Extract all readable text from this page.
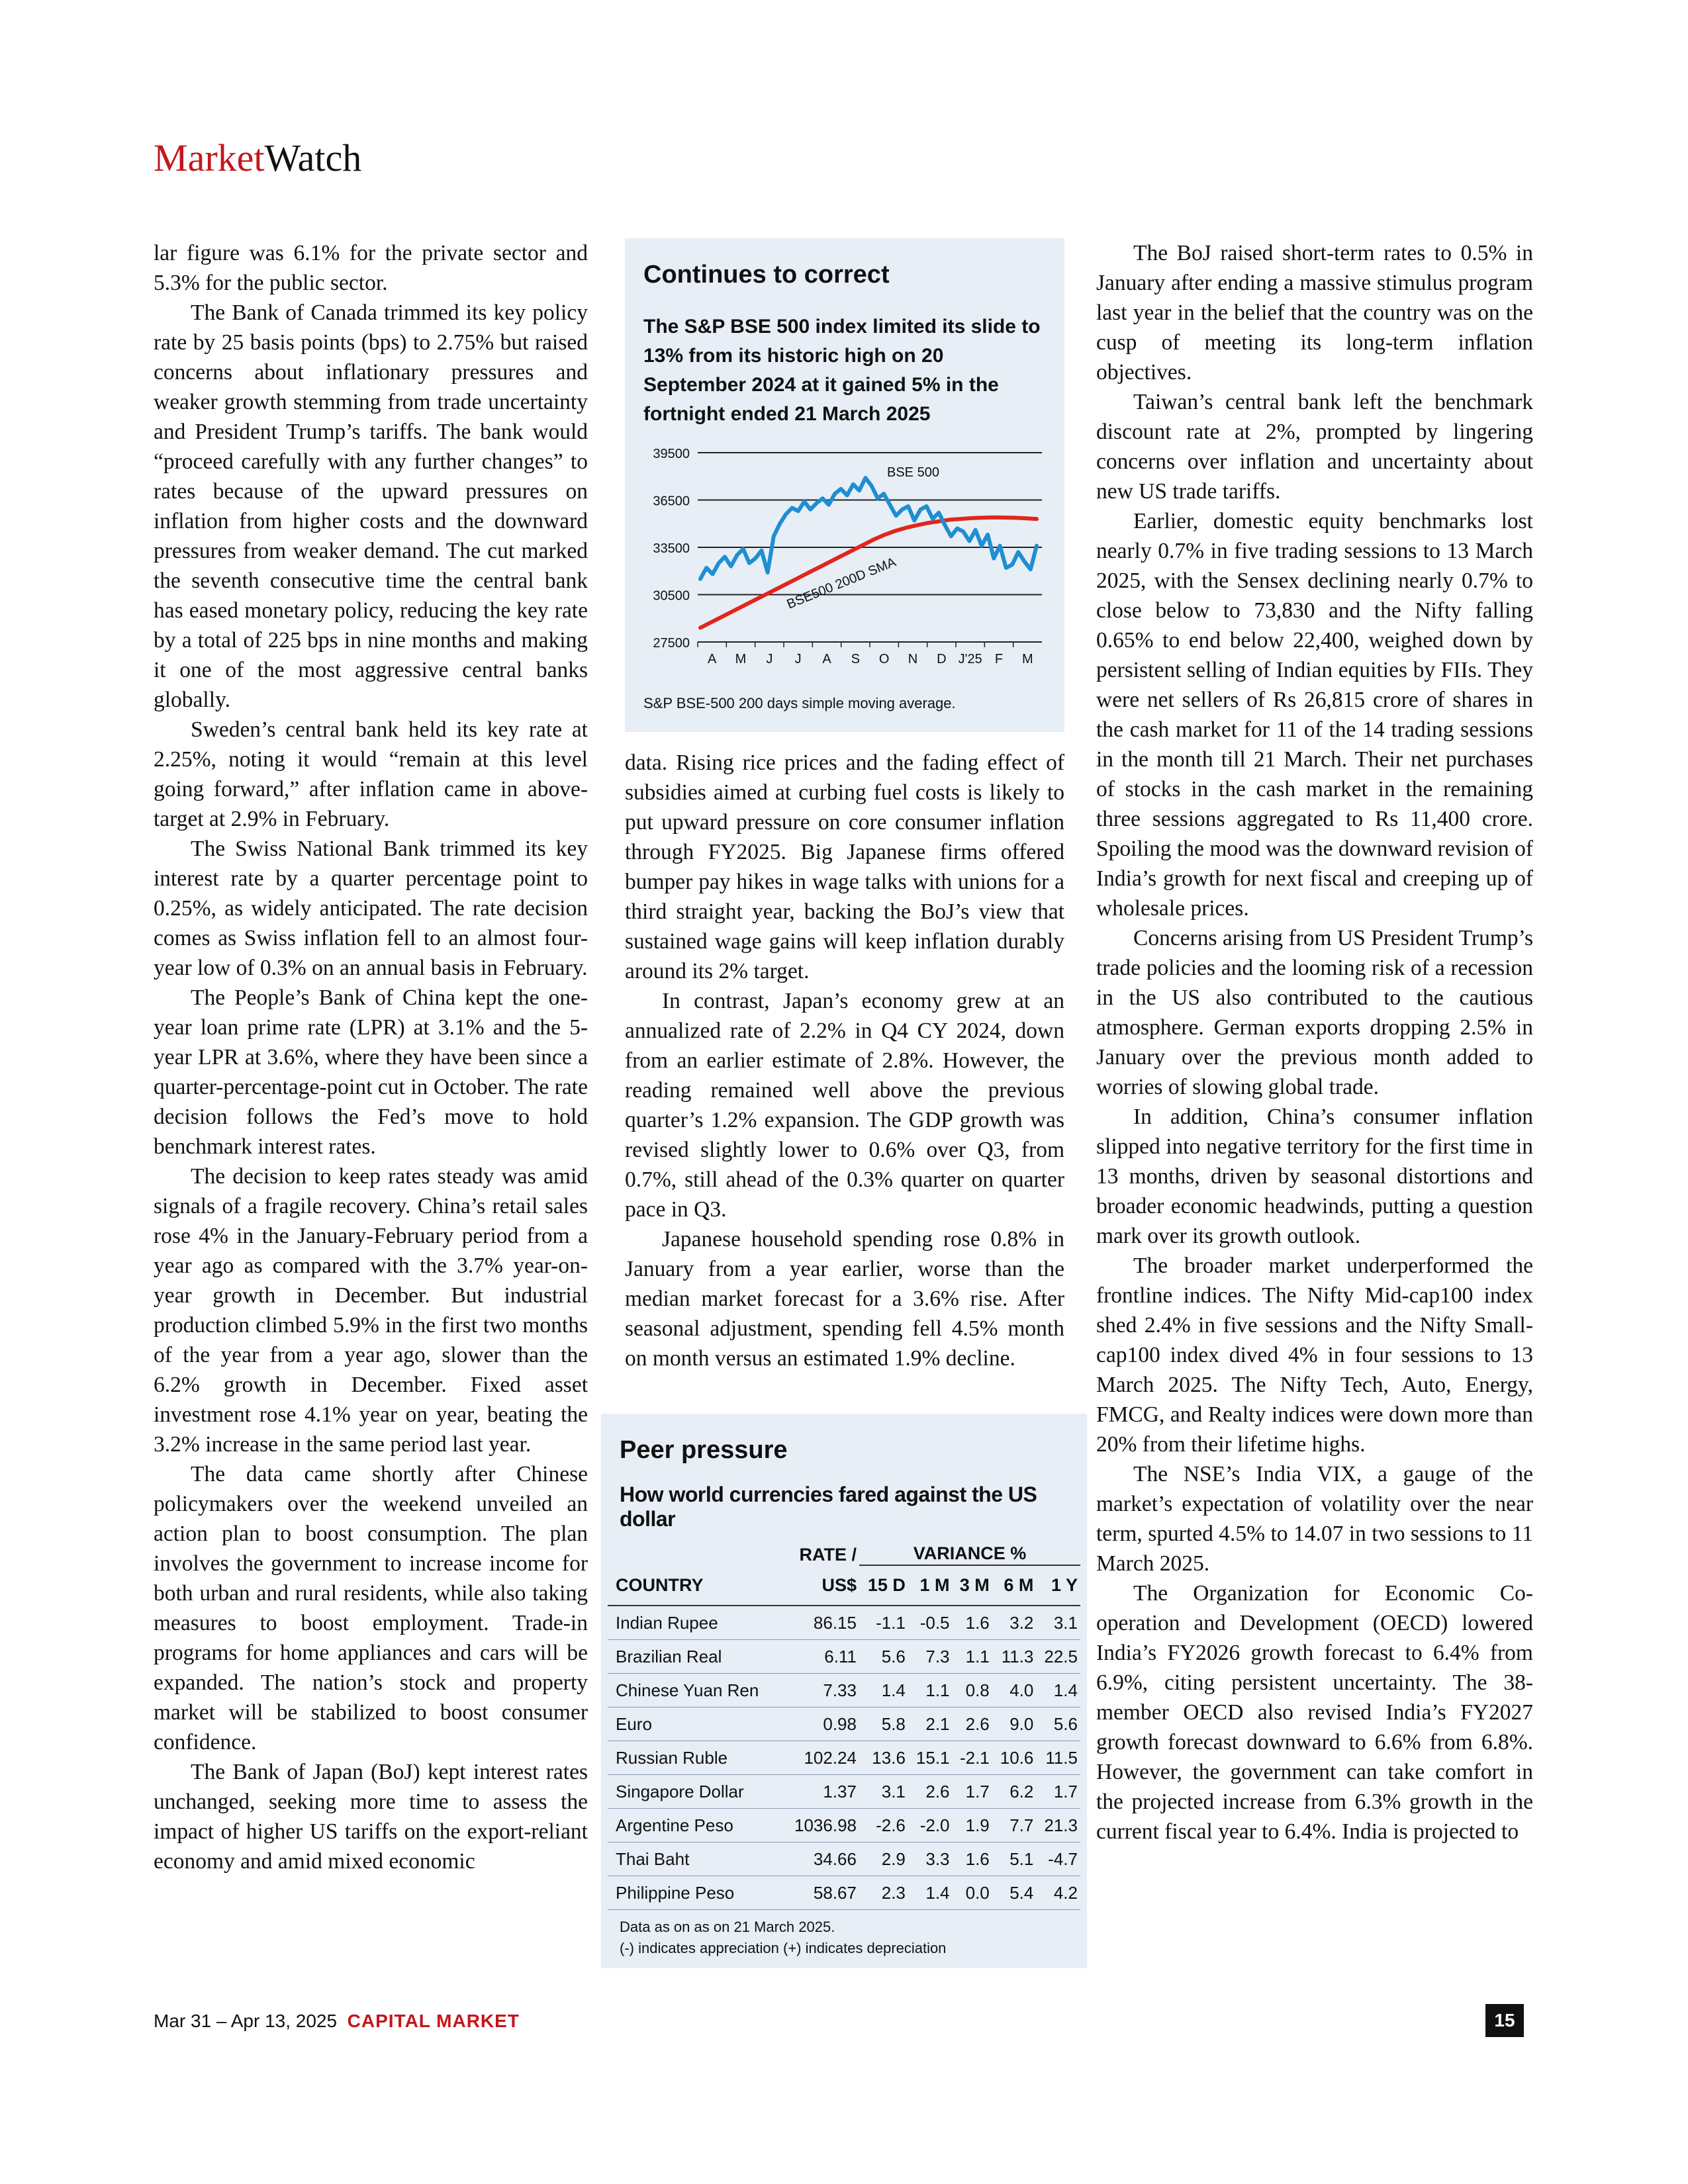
MarketWatch

lar figure was 6.1% for the private sector and 5.3% for the public sector.

The Bank of Canada trimmed its key policy rate by 25 basis points (bps) to 2.75% but raised concerns about inflationary pressures and weaker growth stemming from trade uncertainty and President Trump’s tariffs. The bank would “proceed carefully with any further changes” to rates because of the upward pressures on inflation from higher costs and the downward pressures from weaker demand. The cut marked the seventh consecutive time the central bank has eased monetary policy, reducing the key rate by a total of 225 bps in nine months and making it one of the most aggressive central banks globally.

Sweden’s central bank held its key rate at 2.25%, noting it would “remain at this level going forward,” after inflation came in above-target at 2.9% in February.

The Swiss National Bank trimmed its key interest rate by a quarter percentage point to 0.25%, as widely anticipated. The rate decision comes as Swiss inflation fell to an almost four-year low of 0.3% on an annual basis in February.

The People’s Bank of China kept the one-year loan prime rate (LPR) at 3.1% and the 5-year LPR at 3.6%, where they have been since a quarter-percentage-point cut in October. The rate decision follows the Fed’s move to hold benchmark interest rates.

The decision to keep rates steady was amid signals of a fragile recovery. China’s retail sales rose 4% in the January-February period from a year ago as compared with the 3.7% year-on-year growth in December. But industrial production climbed 5.9% in the first two months of the year from a year ago, slower than the 6.2% growth in December. Fixed asset investment rose 4.1% year on year, beating the 3.2% increase in the same period last year.

The data came shortly after Chinese policymakers over the weekend unveiled an action plan to boost consumption. The plan involves the government to increase income for both urban and rural residents, while also taking measures to boost employment. Trade-in programs for home appliances and cars will be expanded. The nation’s stock and property market will be stabilized to boost consumer confidence.

The Bank of Japan (BoJ) kept interest rates unchanged, seeking more time to assess the impact of higher US tariffs on the export-reliant economy and amid mixed economic

Continues to correct
The S&P BSE 500 index limited its slide to 13% from its historic high on 20 September 2024 at it gained 5% in the fortnight ended 21 March 2025
39500
36500
33500
30500
27500
A M J J A S O N D J'25 F M
BSE 500
BSE500 200D SMA
S&P BSE-500 200 days simple moving average.

data. Rising rice prices and the fading effect of subsidies aimed at curbing fuel costs is likely to put upward pressure on core consumer inflation through FY2025. Big Japanese firms offered bumper pay hikes in wage talks with unions for a third straight year, backing the BoJ’s view that sustained wage gains will keep inflation durably around its 2% target.

In contrast, Japan’s economy grew at an annualized rate of 2.2% in Q4 CY 2024, down from an earlier estimate of 2.8%. However, the reading remained well above the previous quarter’s 1.2% expansion. The GDP growth was revised slightly lower to 0.6% over Q3, from 0.7%, still ahead of the 0.3% quarter on quarter pace in Q3.

Japanese household spending rose 0.8% in January from a year earlier, worse than the median market forecast for a 3.6% rise. After seasonal adjustment, spending fell 4.5% month on month versus an estimated 1.9% decline.

Peer pressure
How world currencies fared against the US dollar
	RATE /	VARIANCE %				
COUNTRY	US$	15 D	1 M	3 M	6 M	1 Y
Indian Rupee	86.15	-1.1	-0.5	1.6	3.2	3.1
Brazilian Real	6.11	5.6	7.3	1.1	11.3	22.5
Chinese Yuan Ren	7.33	1.4	1.1	0.8	4.0	1.4
Euro	0.98	5.8	2.1	2.6	9.0	5.6
Russian Ruble	102.24	13.6	15.1	-2.1	10.6	11.5
Singapore Dollar	1.37	3.1	2.6	1.7	6.2	1.7
Argentine Peso	1036.98	-2.6	-2.0	1.9	7.7	21.3
Thai Baht	34.66	2.9	3.3	1.6	5.1	-4.7
Philippine Peso	58.67	2.3	1.4	0.0	5.4	4.2
Data as on as on 21 March 2025.
(-) indicates appreciation (+) indicates depreciation

The BoJ raised short-term rates to 0.5% in January after ending a massive stimulus program last year in the belief that the country was on the cusp of meeting its long-term inflation objectives.

Taiwan’s central bank left the benchmark discount rate at 2%, prompted by lingering concerns over inflation and uncertainty about new US trade tariffs.

Earlier, domestic equity benchmarks lost nearly 0.7% in five trading sessions to 13 March 2025, with the Sensex declining nearly 0.7% to close below to 73,830 and the Nifty falling 0.65% to end below 22,400, weighed down by persistent selling of Indian equities by FIIs. They were net sellers of Rs 26,815 crore of shares in the cash market for 11 of the 14 trading sessions in the month till 21 March. Their net purchases of stocks in the cash market in the remaining three sessions aggregated to Rs 11,400 crore. Spoiling the mood was the downward revision of India’s growth for next fiscal and creeping up of wholesale prices.

Concerns arising from US President Trump’s trade policies and the looming risk of a recession in the US also contributed to the cautious atmosphere. German exports dropping 2.5% in January over the previous month added to worries of slowing global trade.

In addition, China’s consumer inflation slipped into negative territory for the first time in 13 months, driven by seasonal distortions and broader economic headwinds, putting a question mark over its growth outlook.

The broader market underperformed the frontline indices. The Nifty Mid-cap100 index shed 2.4% in five sessions and the Nifty Small-cap100 index dived 4% in four sessions to 13 March 2025. The Nifty Tech, Auto, Energy, FMCG, and Realty indices were down more than 20% from their lifetime highs.

The NSE’s India VIX, a gauge of the market’s expectation of volatility over the near term, spurted 4.5% to 14.07 in two sessions to 11 March 2025.

The Organization for Economic Co-operation and Development (OECD) lowered India’s FY2026 growth forecast to 6.4% from 6.9%, citing persistent uncertainty. The 38-member OECD also revised India’s FY2027 growth forecast downward to 6.6% from 6.8%. However, the government can take comfort in the projected increase from 6.3% growth in the current fiscal year to 6.4%. India is projected to

Mar 31 – Apr 13, 2025 CAPITAL MARKET	15
